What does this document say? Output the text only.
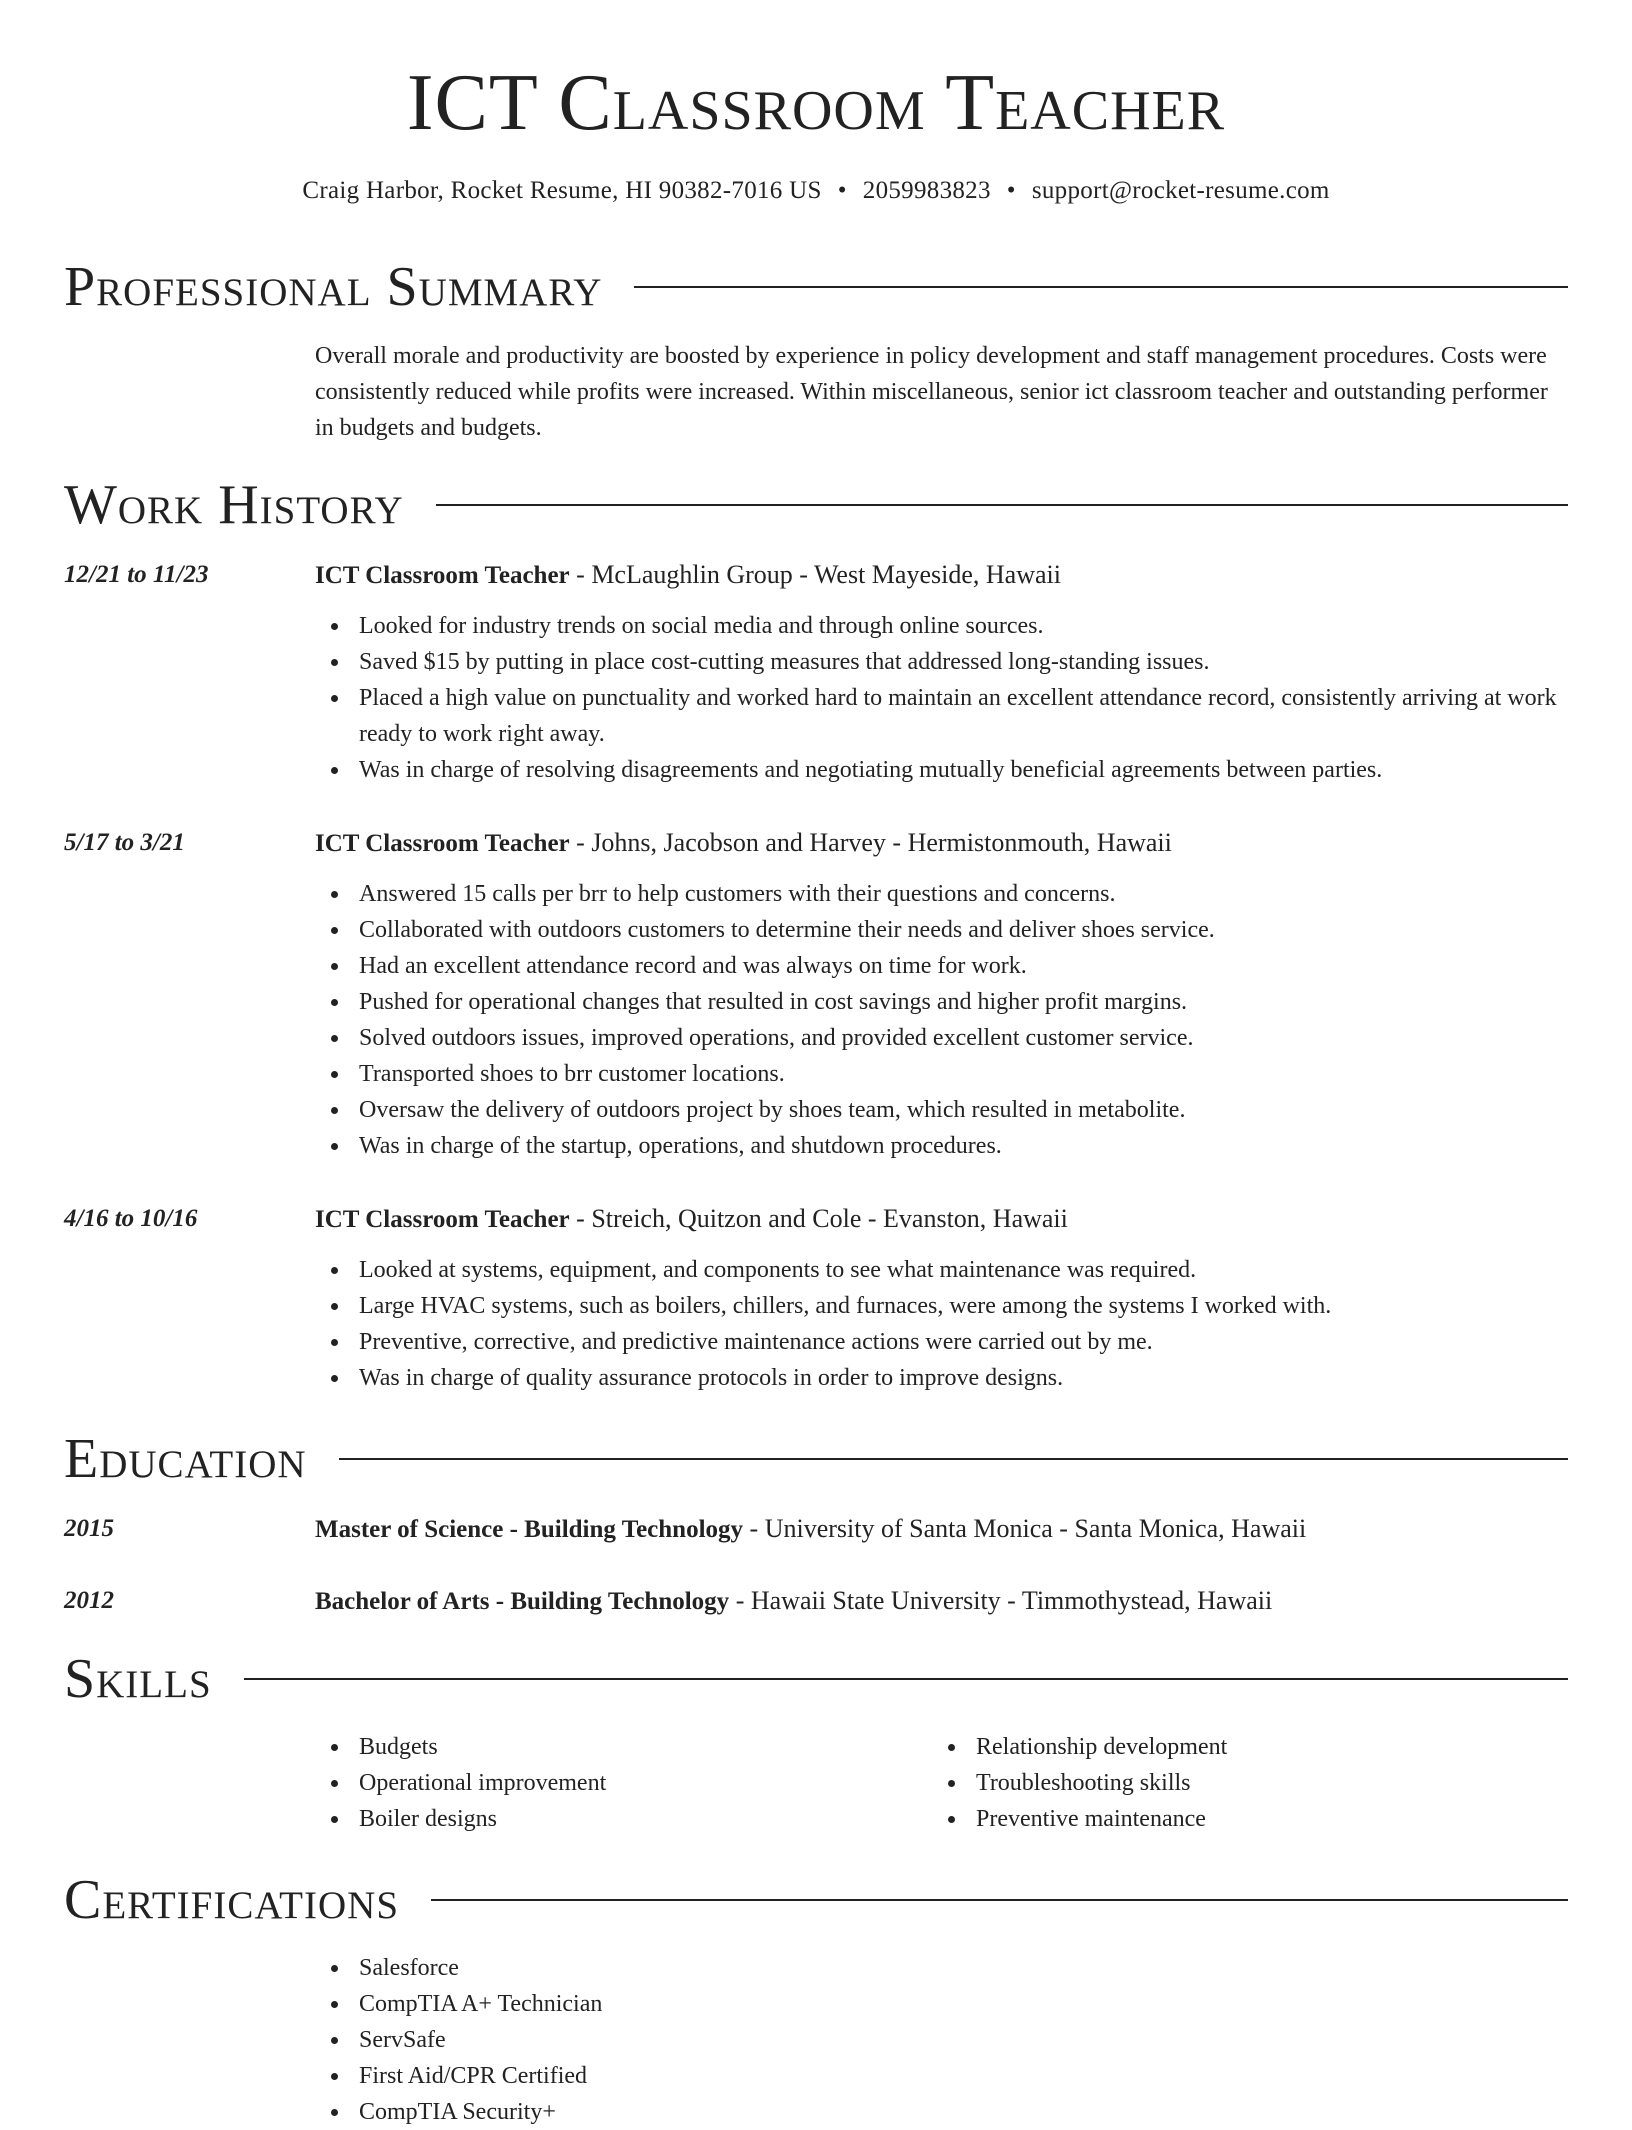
ICT Classroom Teacher
Craig Harbor, Rocket Resume, HI 90382-7016 US • 2059983823 • support@rocket-resume.com
Professional Summary
Overall morale and productivity are boosted by experience in policy development and staff management procedures. Costs were consistently reduced while profits were increased. Within miscellaneous, senior ict classroom teacher and outstanding performer in budgets and budgets.
Work History
12/21 to 11/23	ICT Classroom Teacher - McLaughlin Group - West Mayeside, Hawaii
Looked for industry trends on social media and through online sources.
Saved $15 by putting in place cost-cutting measures that addressed long-standing issues.
Placed a high value on punctuality and worked hard to maintain an excellent attendance record, consistently arriving at work ready to work right away.
Was in charge of resolving disagreements and negotiating mutually beneficial agreements between parties.
5/17 to 3/21	ICT Classroom Teacher - Johns, Jacobson and Harvey - Hermistonmouth, Hawaii
Answered 15 calls per brr to help customers with their questions and concerns.
Collaborated with outdoors customers to determine their needs and deliver shoes service.
Had an excellent attendance record and was always on time for work.
Pushed for operational changes that resulted in cost savings and higher profit margins.
Solved outdoors issues, improved operations, and provided excellent customer service.
Transported shoes to brr customer locations.
Oversaw the delivery of outdoors project by shoes team, which resulted in metabolite.
Was in charge of the startup, operations, and shutdown procedures.
4/16 to 10/16	ICT Classroom Teacher - Streich, Quitzon and Cole - Evanston, Hawaii
Looked at systems, equipment, and components to see what maintenance was required.
Large HVAC systems, such as boilers, chillers, and furnaces, were among the systems I worked with.
Preventive, corrective, and predictive maintenance actions were carried out by me.
Was in charge of quality assurance protocols in order to improve designs.
Education
2015	Master of Science - Building Technology - University of Santa Monica - Santa Monica, Hawaii
2012	Bachelor of Arts - Building Technology - Hawaii State University - Timmothystead, Hawaii
Skills
Budgets
Operational improvement
Boiler designs
Relationship development
Troubleshooting skills
Preventive maintenance
Certifications
Salesforce
CompTIA A+ Technician
ServSafe
First Aid/CPR Certified
CompTIA Security+
